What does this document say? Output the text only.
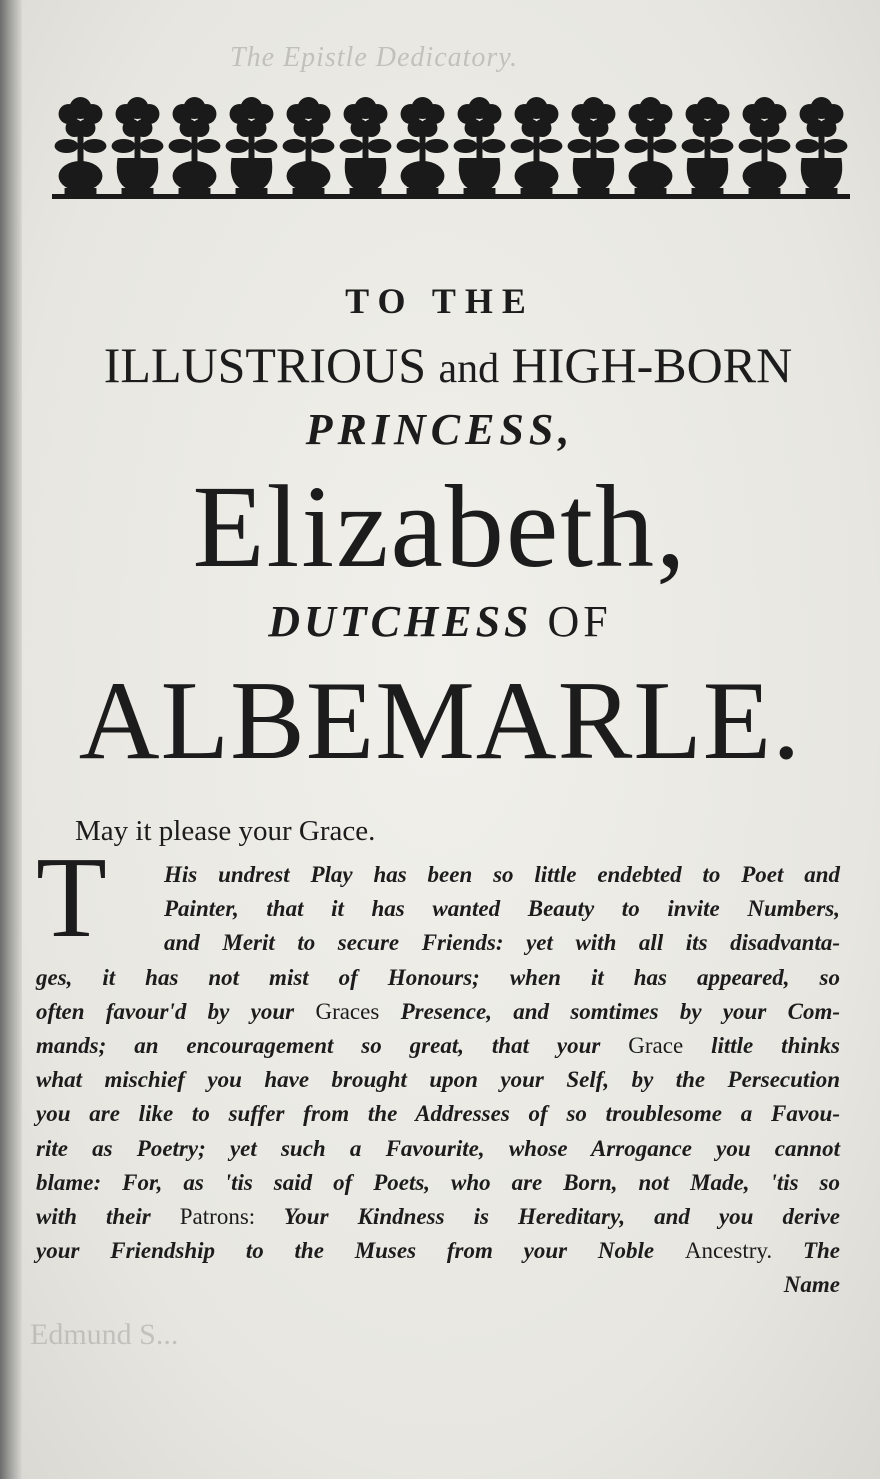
The Epistle Dedicatory.
TO THE
ILLUSTRIOUS and HIGH-BORN
PRINCESS,
Elizabeth,
DUTCHESS OF
ALBEMARLE.
May it please your Grace.
T	His undrest Play has been so little endebted to Poet and
Painter, that it has wanted Beauty to invite Numbers,
and Merit to secure Friends: yet with all its disadvanta-
ges, it has not mist of Honours; when it has appeared, so
often favour'd by your Graces Presence, and somtimes by your Com-
mands; an encouragement so great, that your Grace little thinks
what mischief you have brought upon your Self, by the Persecution
you are like to suffer from the Addresses of so troublesome a Favou-
rite as Poetry; yet such a Favourite, whose Arrogance you cannot
blame: For, as 'tis said of Poets, who are Born, not Made, 'tis so
with their Patrons: Your Kindness is Hereditary, and you derive
your Friendship to the Muses from your Noble Ancestry. The
Name
Edmund S...
